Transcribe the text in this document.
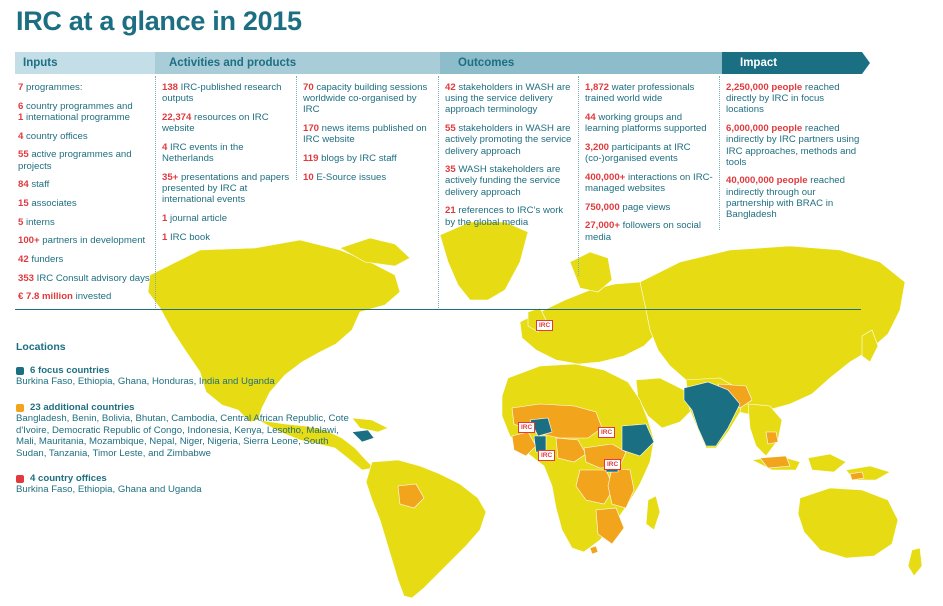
IRC
IRC
IRC
IRC
IRC
IRC at a glance in 2015
Inputs	Activities and products	Outcomes	Impact
7 programmes:
6 country programmes and
1 international programme
4 country offices
55 active programmes and projects
84 staff
15 associates
5 interns
100+ partners in development
42 funders
353 IRC Consult advisory days
€ 7.8 million invested
138 IRC-published research outputs
22,374 resources on IRC website
4 IRC events in the Netherlands
35+ presentations and papers presented by IRC at international events
1 journal article
1 IRC book
70 capacity building sessions worldwide co-organised by IRC
170 news items published on IRC website
119 blogs by IRC staff
10 E-Source issues
42 stakeholders in WASH are using the service delivery approach terminology
55 stakeholders in WASH are actively promoting the service delivery approach
35 WASH stakeholders are actively funding the service delivery approach
21 references to IRC’s work by the global media
1,872 water professionals trained world wide
44 working groups and learning platforms supported
3,200 participants at IRC (co-)organised events
400,000+ interactions on IRC-managed websites
750,000 page views
27,000+ followers on social media
2,250,000 people reached directly by IRC in focus locations
6,000,000 people reached indirectly by IRC partners using IRC approaches, methods and tools
40,000,000 people reached indirectly through our partnership with BRAC in Bangladesh
Locations
6 focus countries
Burkina Faso, Ethiopia, Ghana, Honduras, India and Uganda
23 additional countries
Bangladesh, Benin, Bolivia, Bhutan, Cambodia, Central African Republic, Cote d'Ivoire, Democratic Republic of Congo, Indonesia, Kenya, Lesotho, Malawi, Mali, Mauritania, Mozambique, Nepal, Niger, Nigeria, Sierra Leone, South Sudan, Tanzania, Timor Leste, and Zimbabwe
4 country offices
Burkina Faso, Ethiopia, Ghana and Uganda
